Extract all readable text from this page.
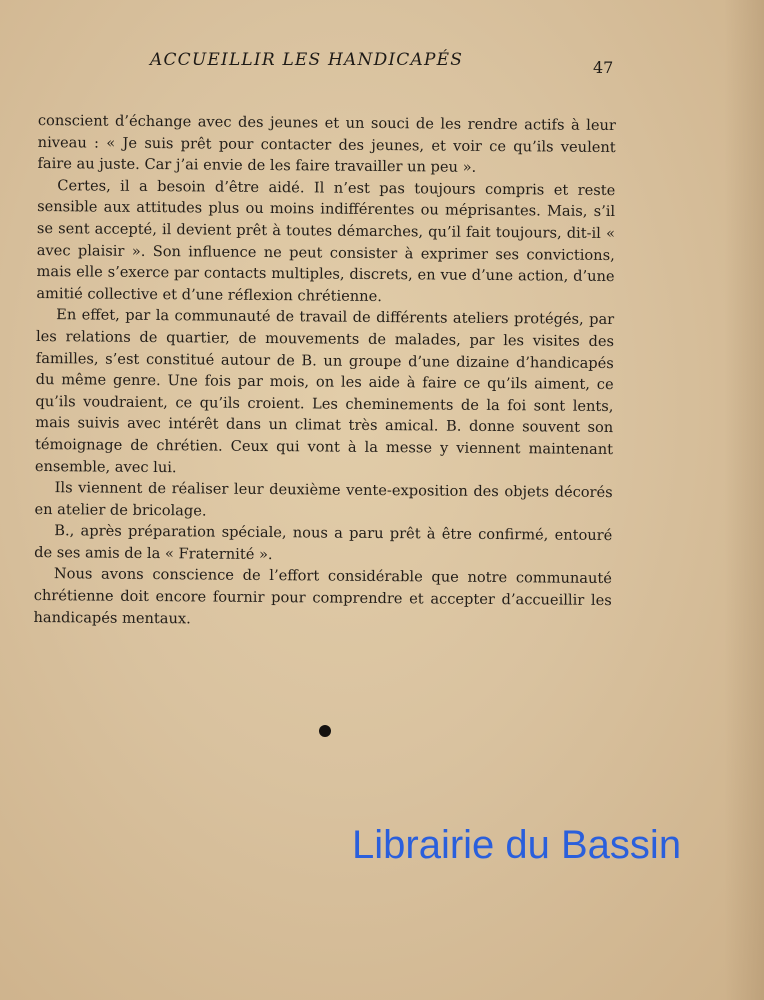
ACCUEILLIR LES HANDICAPÉS	47

conscient d’échange avec des jeunes et un souci de les rendre actifs à leur niveau : « Je suis prêt pour contacter des jeunes, et voir ce qu’ils veulent faire au juste. Car j’ai envie de les faire travailler un peu ».

Certes, il a besoin d’être aidé. Il n’est pas toujours compris et reste sensible aux attitudes plus ou moins indifférentes ou méprisantes. Mais, s’il se sent accepté, il devient prêt à toutes démarches, qu’il fait toujours, dit-il « avec plaisir ». Son influence ne peut consister à exprimer ses convictions, mais elle s’exerce par contacts multiples, discrets, en vue d’une action, d’une amitié collective et d’une réflexion chrétienne.

En effet, par la communauté de travail de différents ateliers protégés, par les relations de quartier, de mouvements de malades, par les visites des familles, s’est constitué autour de B. un groupe d’une dizaine d’handicapés du même genre. Une fois par mois, on les aide à faire ce qu’ils aiment, ce qu’ils voudraient, ce qu’ils croient. Les cheminements de la foi sont lents, mais suivis avec intérêt dans un climat très amical. B. donne souvent son témoignage de chrétien. Ceux qui vont à la messe y viennent maintenant ensemble, avec lui.

Ils viennent de réaliser leur deuxième vente-exposition des objets décorés en atelier de bricolage.

B., après préparation spéciale, nous a paru prêt à être confirmé, entouré de ses amis de la « Fraternité ».

Nous avons conscience de l’effort considérable que notre communauté chrétienne doit encore fournir pour comprendre et accepter d’accueillir les handicapés mentaux.

Librairie du Bassin
